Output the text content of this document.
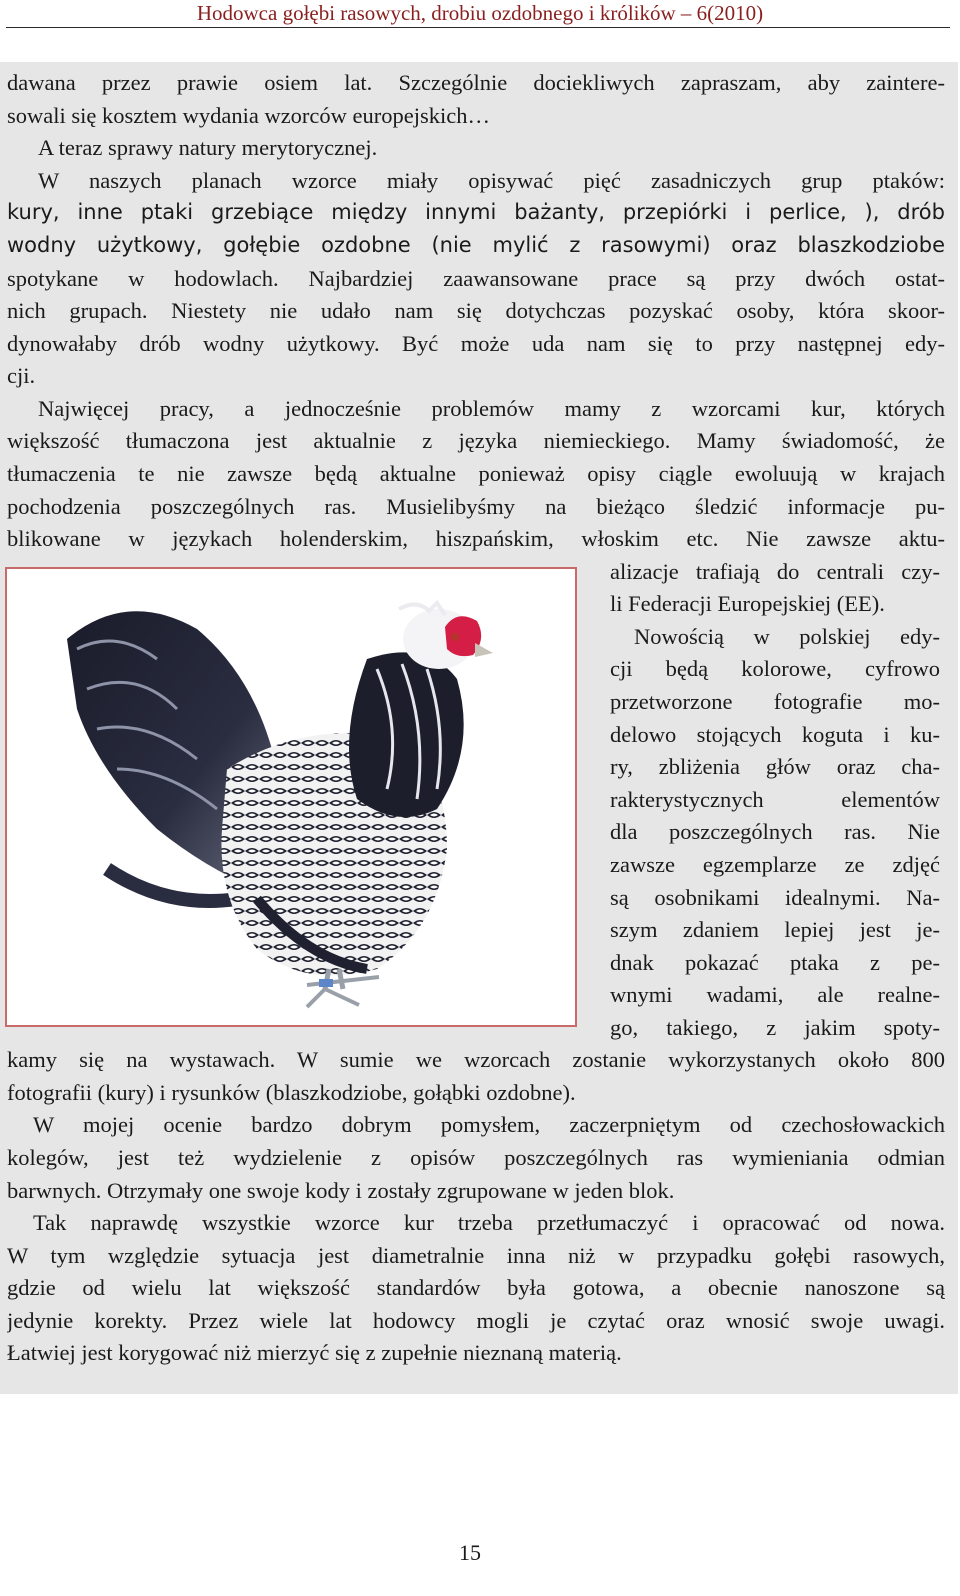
Hodowca gołębi rasowych, drobiu ozdobnego i królików – 6(2010)
dawana przez prawie osiem lat. Szczególnie dociekliwych zapraszam, aby zaintere-
sowali się kosztem wydania wzorców europejskich…
A teraz sprawy natury merytorycznej.
W naszych planach wzorce miały opisywać pięć zasadniczych grup ptaków:
kury, inne ptaki grzebiące między innymi bażanty, przepiórki i perlice, ), drób
wodny użytkowy, gołębie ozdobne (nie mylić z rasowymi) oraz blaszkodziobe
spotykane w hodowlach. Najbardziej zaawansowane prace są przy dwóch ostat-
nich grupach. Niestety nie udało nam się dotychczas pozyskać osoby, która skoor-
dynowałaby drób wodny użytkowy. Być może uda nam się to przy następnej edy-
cji.
Najwięcej pracy, a jednocześnie problemów mamy z wzorcami kur, których
większość tłumaczona jest aktualnie z języka niemieckiego. Mamy świadomość, że
tłumaczenia te nie zawsze będą aktualne ponieważ opisy ciągle ewoluują w krajach
pochodzenia poszczególnych ras. Musielibyśmy na bieżąco śledzić informacje pu-
blikowane w językach holenderskim, hiszpańskim, włoskim etc. Nie zawsze aktu-
alizacje trafiają do centrali czy-
li Federacji Europejskiej (EE).
Nowością w polskiej edy-
cji będą kolorowe, cyfrowo
przetworzone fotografie mo-
delowo stojących koguta i ku-
ry, zbliżenia głów oraz cha-
rakterystycznych elementów
dla poszczególnych ras. Nie
zawsze egzemplarze ze zdjęć
są osobnikami idealnymi. Na-
szym zdaniem lepiej jest je-
dnak pokazać ptaka z pe-
wnymi wadami, ale realne-
go, takiego, z jakim spoty-
kamy się na wystawach. W sumie we wzorcach zostanie wykorzystanych około 800
fotografii (kury) i rysunków (blaszkodziobe, gołąbki ozdobne).
W mojej ocenie bardzo dobrym pomysłem, zaczerpniętym od czechosłowackich
kolegów, jest też wydzielenie z opisów poszczególnych ras wymieniania odmian
barwnych. Otrzymały one swoje kody i zostały zgrupowane w jeden blok.
Tak naprawdę wszystkie wzorce kur trzeba przetłumaczyć i opracować od nowa.
W tym względzie sytuacja jest diametralnie inna niż w przypadku gołębi rasowych,
gdzie od wielu lat większość standardów była gotowa, a obecnie nanoszone są
jedynie korekty. Przez wiele lat hodowcy mogli je czytać oraz wnosić swoje uwagi.
Łatwiej jest korygować niż mierzyć się z zupełnie nieznaną materią.
15
